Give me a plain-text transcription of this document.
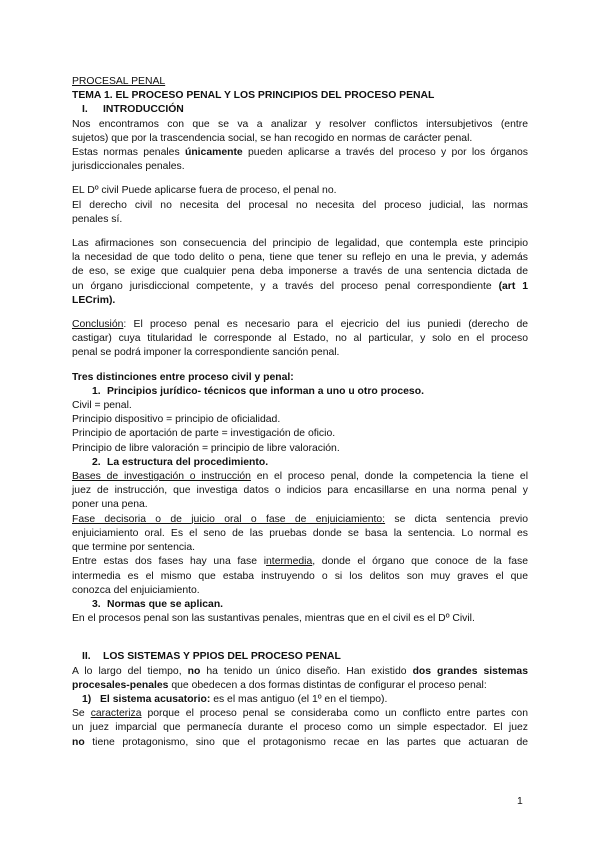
PROCESAL PENAL
TEMA 1. EL PROCESO PENAL Y LOS PRINCIPIOS DEL PROCESO PENAL
I. INTRODUCCIÓN
Nos encontramos con que se va a analizar y resolver conflictos intersubjetivos (entre
sujetos) que por la trascendencia social, se han recogido en normas de carácter penal.
Estas normas penales únicamente pueden aplicarse a través del proceso y por los órganos
jurisdiccionales penales.
EL Dº civil Puede aplicarse fuera de proceso, el penal no.
El derecho civil no necesita del procesal no necesita del proceso judicial, las normas
penales sí.
Las afirmaciones son consecuencia del principio de legalidad, que contempla este principio
la necesidad de que todo delito o pena, tiene que tener su reflejo en una le previa, y además
de eso, se exige que cualquier pena deba imponerse a través de una sentencia dictada de
un órgano jurisdiccional competente, y a través del proceso penal correspondiente (art 1
LECrim).
Conclusión: El proceso penal es necesario para el ejecricio del ius puniedi (derecho de
castigar) cuya titularidad le corresponde al Estado, no al particular, y solo en el proceso
penal se podrá imponer la correspondiente sanción penal.
Tres distinciones entre proceso civil y penal:
1. Principios jurídico- técnicos que informan a uno u otro proceso.
Civil = penal.
Principio dispositivo = principio de oficialidad.
Principio de aportación de parte = investigación de oficio.
Principio de libre valoración = principio de libre valoración.
2. La estructura del procedimiento.
Bases de investigación o instrucción en el proceso penal, donde la competencia la tiene el
juez de instrucción, que investiga datos o indicios para encasillarse en una norma penal y
poner una pena.
Fase decisoria o de juicio oral o fase de enjuiciamiento: se dicta sentencia previo
enjuiciamiento oral. Es el seno de las pruebas donde se basa la sentencia. Lo normal es
que termine por sentencia.
Entre estas dos fases hay una fase intermedia, donde el órgano que conoce de la fase
intermedia es el mismo que estaba instruyendo o si los delitos son muy graves el que
conozca del enjuiciamiento.
3. Normas que se aplican.
En el procesos penal son las sustantivas penales, mientras que en el civil es el Dº Civil.
II. LOS SISTEMAS Y PPIOS DEL PROCESO PENAL
A lo largo del tiempo, no ha tenido un único diseño. Han existido dos grandes sistemas
procesales-penales que obedecen a dos formas distintas de configurar el proceso penal:
1) El sistema acusatorio: es el mas antiguo (el 1º en el tiempo).
Se caracteriza porque el proceso penal se consideraba como un conflicto entre partes con
un juez imparcial que permanecía durante el proceso como un simple espectador. El juez
no tiene protagonismo, sino que el protagonismo recae en las partes que actuaran de
1
